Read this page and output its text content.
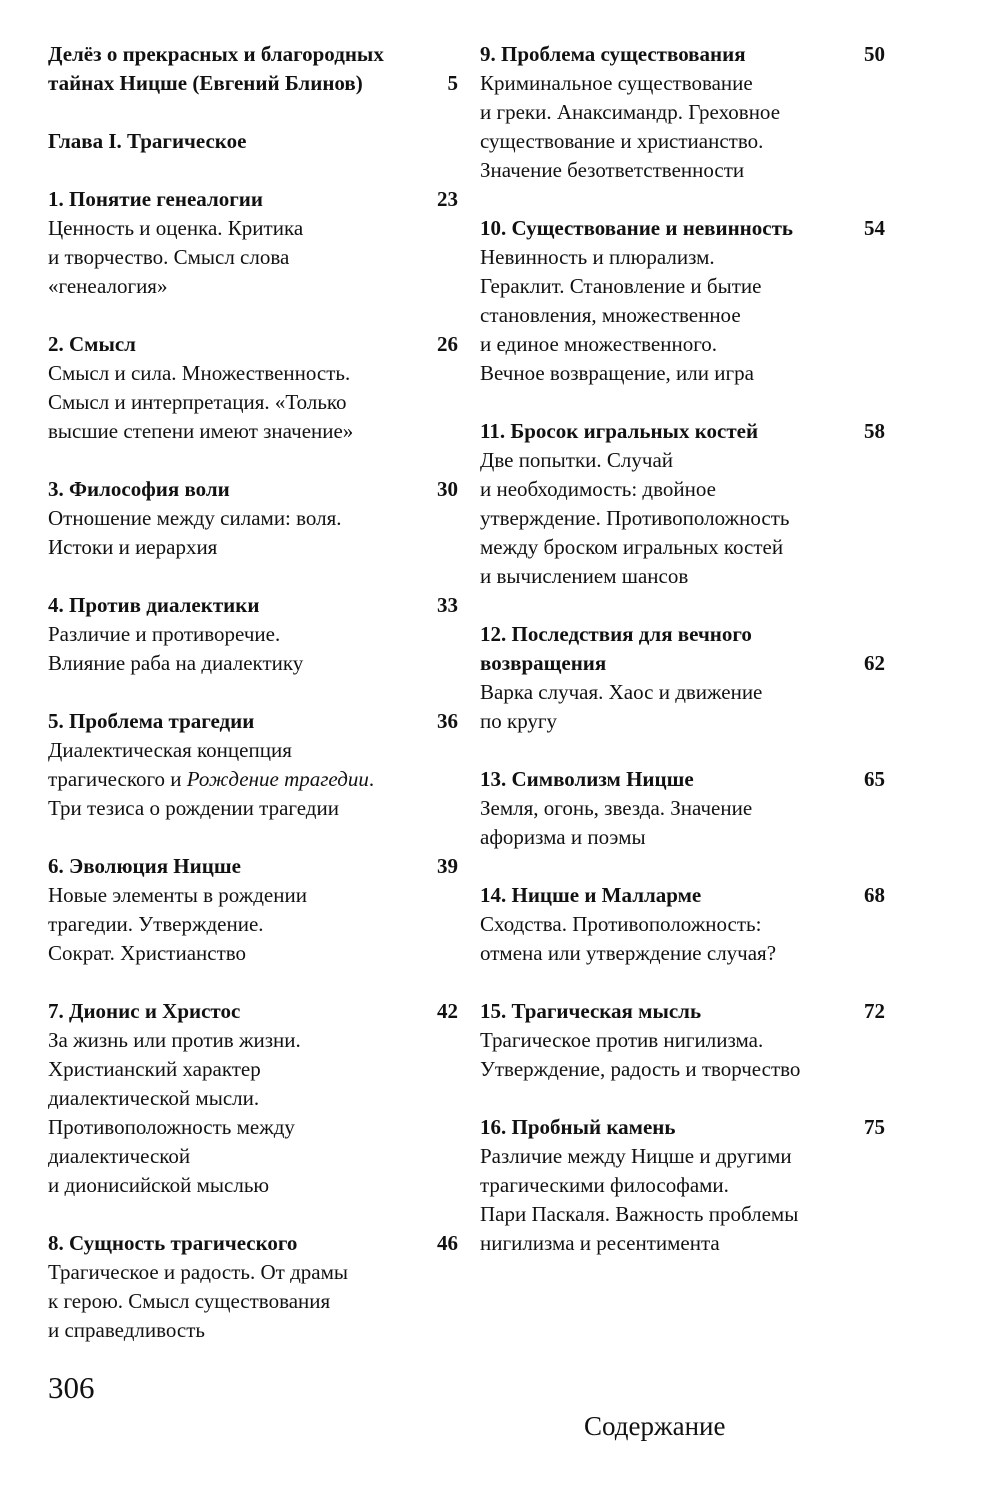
Делёз о прекрасных и благородных
тайнах Ницше (Евгений Блинов)	5
Глава I. Трагическое
1. Понятие генеалогии	23
Ценность и оценка. Критика
и творчество. Смысл слова
«генеалогия»
2. Смысл	26
Смысл и сила. Множественность.
Смысл и интерпретация. «Только
высшие степени имеют значение»
3. Философия воли	30
Отношение между силами: воля.
Истоки и иерархия
4. Против диалектики	33
Различие и противоречие.
Влияние раба на диалектику
5. Проблема трагедии	36
Диалектическая концепция
трагического и Рождение трагедии.
Три тезиса о рождении трагедии
6. Эволюция Ницше	39
Новые элементы в рождении
трагедии. Утверждение.
Сократ. Христианство
7. Дионис и Христос	42
За жизнь или против жизни.
Христианский характер
диалектической мысли.
Противоположность между
диалектической
и дионисийской мыслью
8. Сущность трагического	46
Трагическое и радость. От драмы
к герою. Смысл существования
и справедливость
9. Проблема существования	50
Криминальное существование
и греки. Анаксимандр. Греховное
существование и христианство.
Значение безответственности
10. Существование и невинность	54
Невинность и плюрализм.
Гераклит. Становление и бытие
становления, множественное
и единое множественного.
Вечное возвращение, или игра
11. Бросок игральных костей	58
Две попытки. Случай
и необходимость: двойное
утверждение. Противоположность
между броском игральных костей
и вычислением шансов
12. Последствия для вечного
возвращения	62
Варка случая. Хаос и движение
по кругу
13. Символизм Ницше	65
Земля, огонь, звезда. Значение
афоризма и поэмы
14. Ницше и Малларме	68
Сходства. Противоположность:
отмена или утверждение случая?
15. Трагическая мысль	72
Трагическое против нигилизма.
Утверждение, радость и творчество
16. Пробный камень	75
Различие между Ницше и другими
трагическими философами.
Пари Паскаля. Важность проблемы
нигилизма и ресентимента
306
Содержание
